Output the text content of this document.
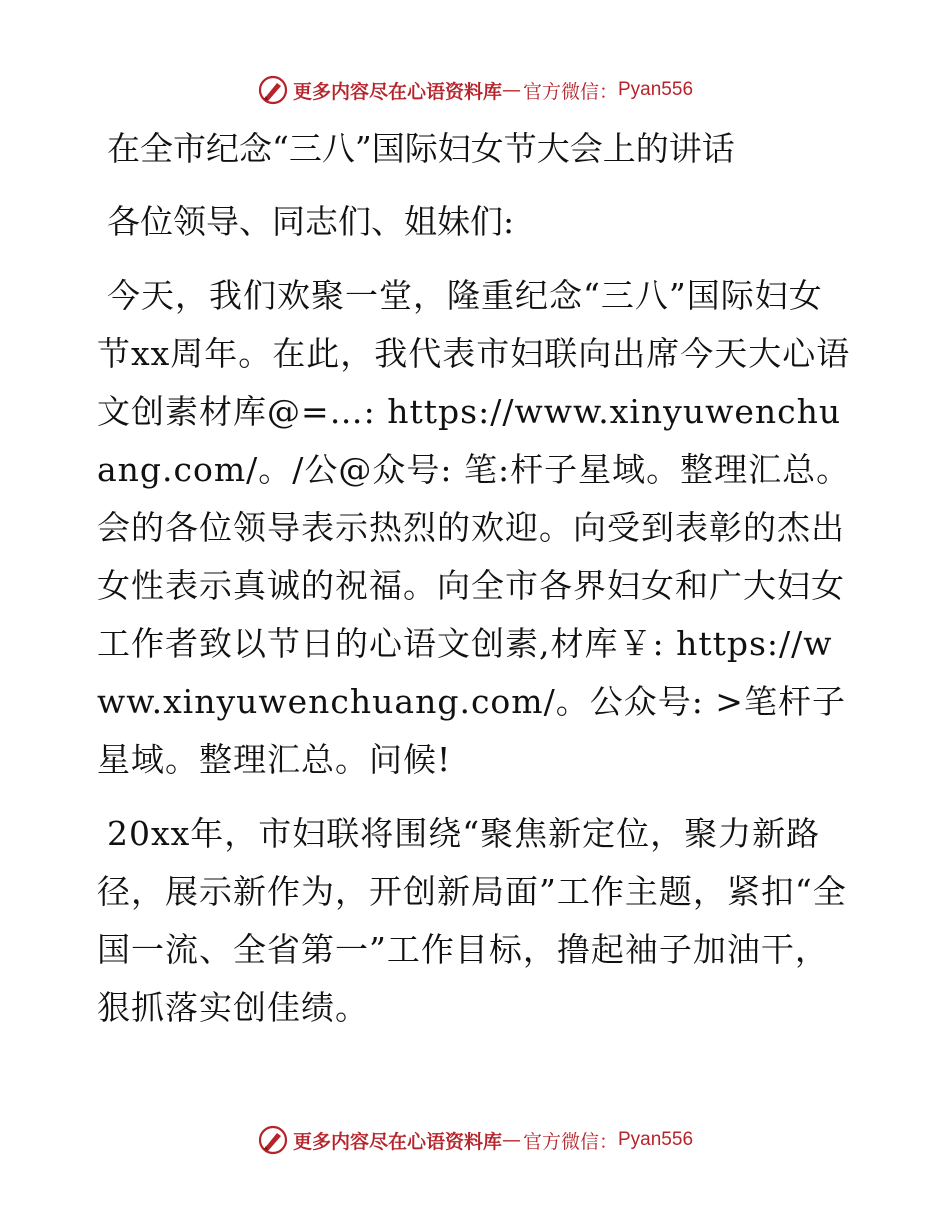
更多内容尽在心语资料库 — 官方微信： Pyan556
在全市纪念“三八”国际妇女节大会上的讲话
各位领导、同志们、姐妹们:
今天，我们欢聚一堂，隆重纪念“三八”国际妇女节xx周年。在此，我代表市妇联向出席今天大心语文创素材库@=…: https://www.xinyuwenchuang.com/。/公@众号: 笔:杆子星域。整理汇总。会的各位领导表示热烈的欢迎。向受到表彰的杰出女性表示真诚的祝福。向全市各界妇女和广大妇女工作者致以节日的心语文创素,材库￥: https://www.xinyuwenchuang.com/。公众号: >笔杆子星域。整理汇总。问候!
20xx年，市妇联将围绕“聚焦新定位，聚力新路径，展示新作为，开创新局面”工作主题，紧扣“全国一流、全省第一”工作目标，撸起袖子加油干，狠抓落实创佳绩。
更多内容尽在心语资料库 — 官方微信： Pyan556
